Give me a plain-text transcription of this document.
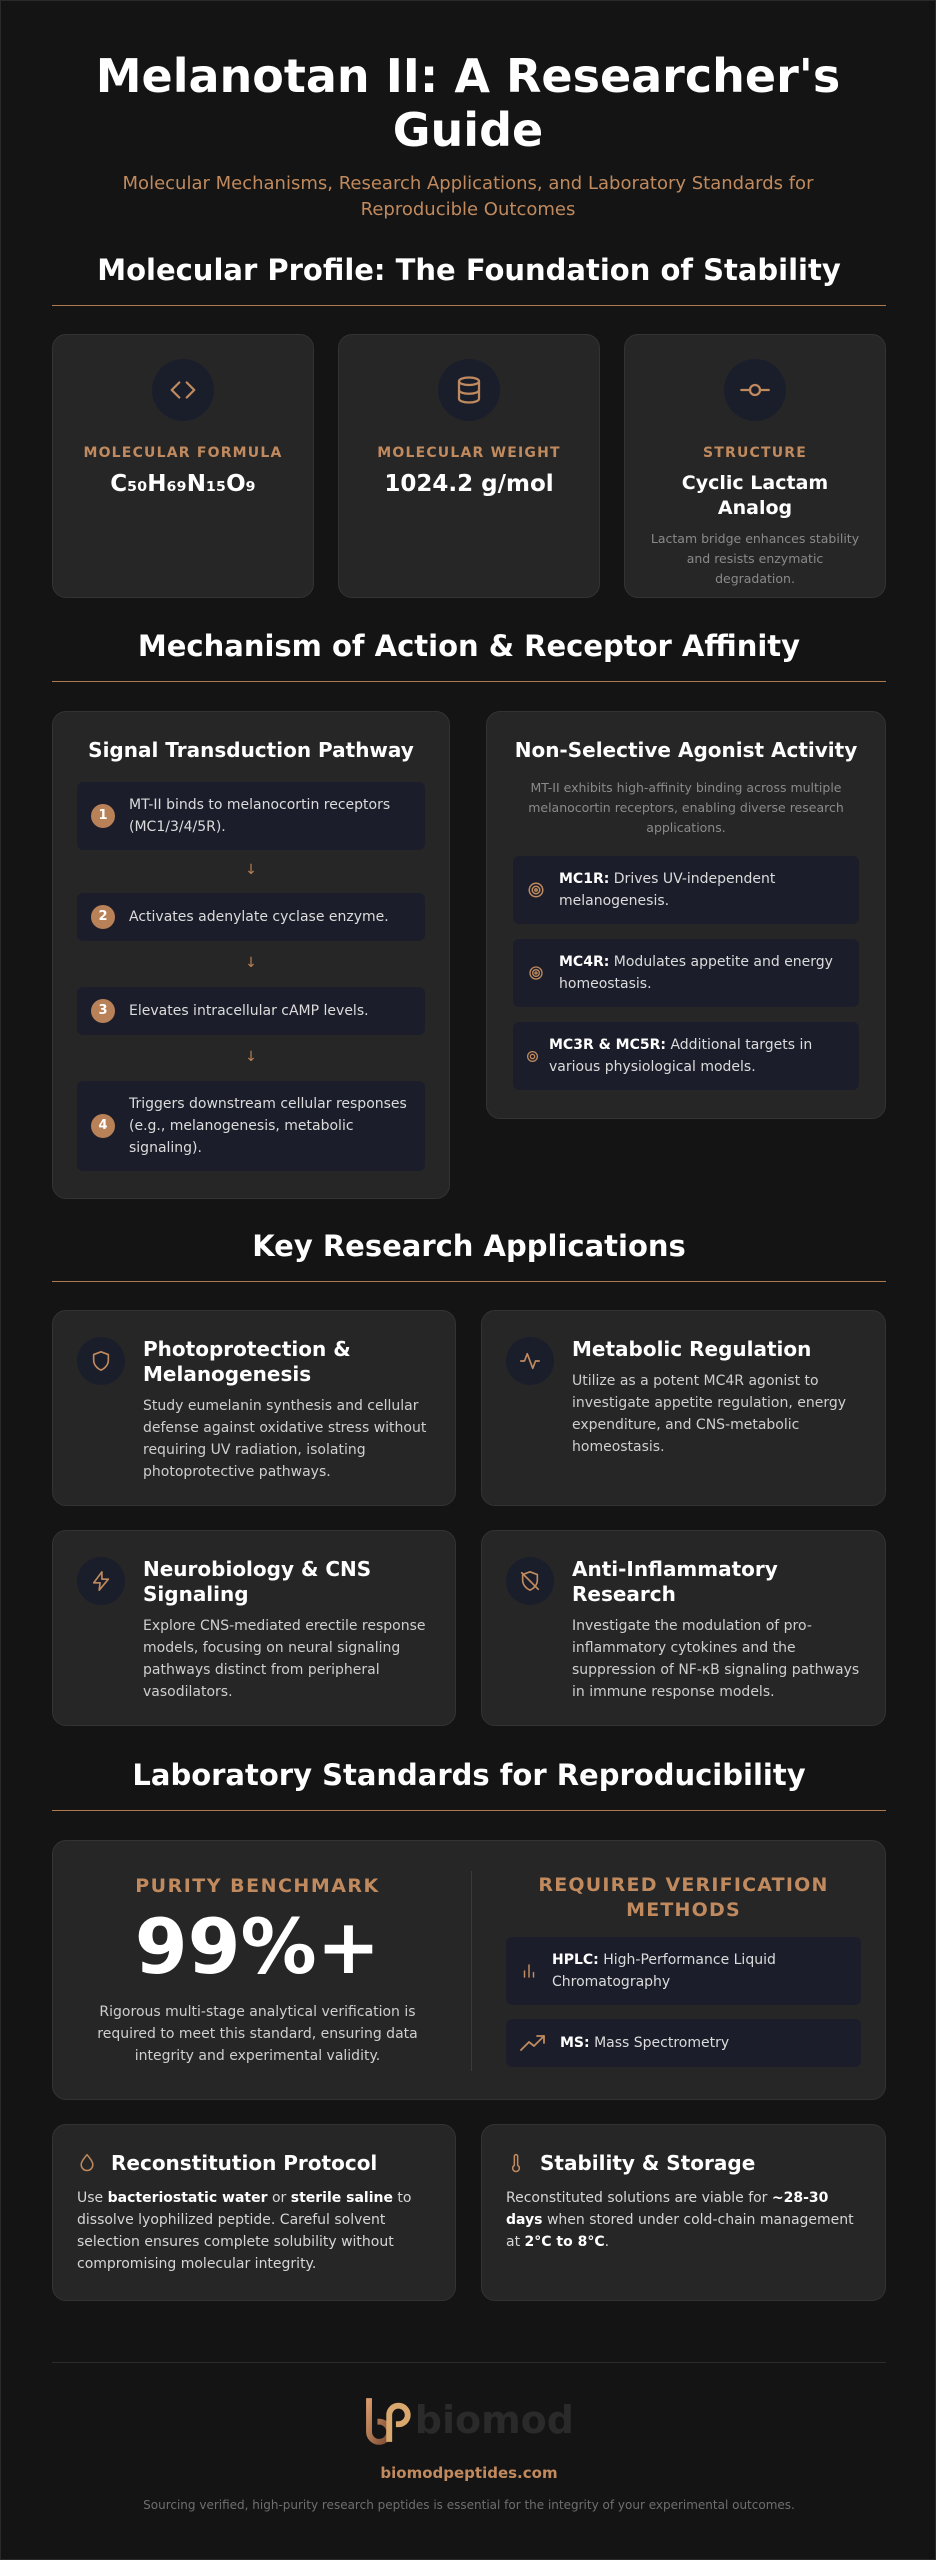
Melanotan II: A Researcher's Guide
Molecular Mechanisms, Research Applications, and Laboratory Standards for Reproducible Outcomes
Molecular Profile: The Foundation of Stability
MOLECULAR FORMULA
C₅₀H₆₉N₁₅O₉
MOLECULAR WEIGHT
1024.2 g/mol
STRUCTURE
Cyclic Lactam Analog
Lactam bridge enhances stability and resists enzymatic degradation.
Mechanism of Action & Receptor Affinity
Signal Transduction Pathway
1
MT-II binds to melanocortin receptors (MC1/3/4/5R).
↓
2	Activates adenylate cyclase enzyme.
↓
3	Elevates intracellular cAMP levels.
↓
4
Triggers downstream cellular responses (e.g., melanogenesis, metabolic signaling).
Non-Selective Agonist Activity
MT-II exhibits high-affinity binding across multiple melanocortin receptors, enabling diverse research applications.
MC1R: Drives UV-independent melanogenesis.
MC4R: Modulates appetite and energy homeostasis.
MC3R & MC5R: Additional targets in various physiological models.
Key Research Applications
Photoprotection & Melanogenesis
Study eumelanin synthesis and cellular defense against oxidative stress without requiring UV radiation, isolating photoprotective pathways.
Metabolic Regulation
Utilize as a potent MC4R agonist to investigate appetite regulation, energy expenditure, and CNS-metabolic homeostasis.
Neurobiology & CNS Signaling
Explore CNS-mediated erectile response models, focusing on neural signaling pathways distinct from peripheral vasodilators.
Anti-Inflammatory Research
Investigate the modulation of pro-inflammatory cytokines and the suppression of NF-κB signaling pathways in immune response models.
Laboratory Standards for Reproducibility
PURITY BENCHMARK
99%+
Rigorous multi-stage analytical verification is required to meet this standard, ensuring data integrity and experimental validity.
REQUIRED VERIFICATION METHODS
HPLC: High-Performance Liquid Chromatography
MS: Mass Spectrometry
Reconstitution Protocol
Use bacteriostatic water or sterile saline to dissolve lyophilized peptide. Careful solvent selection ensures complete solubility without compromising molecular integrity.
Stability & Storage
Reconstituted solutions are viable for ~28-30 days when stored under cold-chain management at 2°C to 8°C.
biomod
biomodpeptides.com
Sourcing verified, high-purity research peptides is essential for the integrity of your experimental outcomes.
